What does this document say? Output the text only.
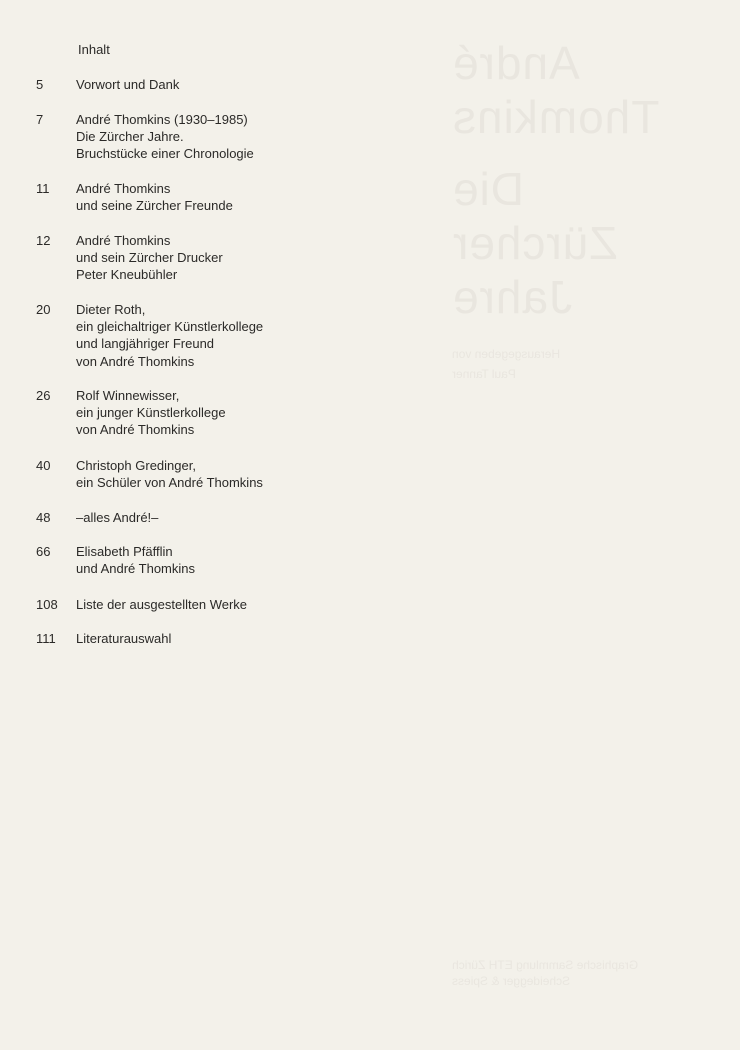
Inhalt
5	Vorwort und Dank
7	André Thomkins (1930–1985)
Die Zürcher Jahre.
Bruchstücke einer Chronologie
11	André Thomkins
und seine Zürcher Freunde
12	André Thomkins
und sein Zürcher Drucker
Peter Kneubühler
20	Dieter Roth,
ein gleichaltriger Künstlerkollege
und langjähriger Freund
von André Thomkins
26	Rolf Winnewisser,
ein junger Künstlerkollege
von André Thomkins
40	Christoph Gredinger,
ein Schüler von André Thomkins
48	–alles André!–
66	Elisabeth Pfäfflin
und André Thomkins
108	Liste der ausgestellten Werke
111	Literaturauswahl
André
Thomkins
Die
Zürcher
Jahre
Herausgegeben von
Paul Tanner
Graphische Sammlung ETH Zürich
Scheidegger & Spiess
